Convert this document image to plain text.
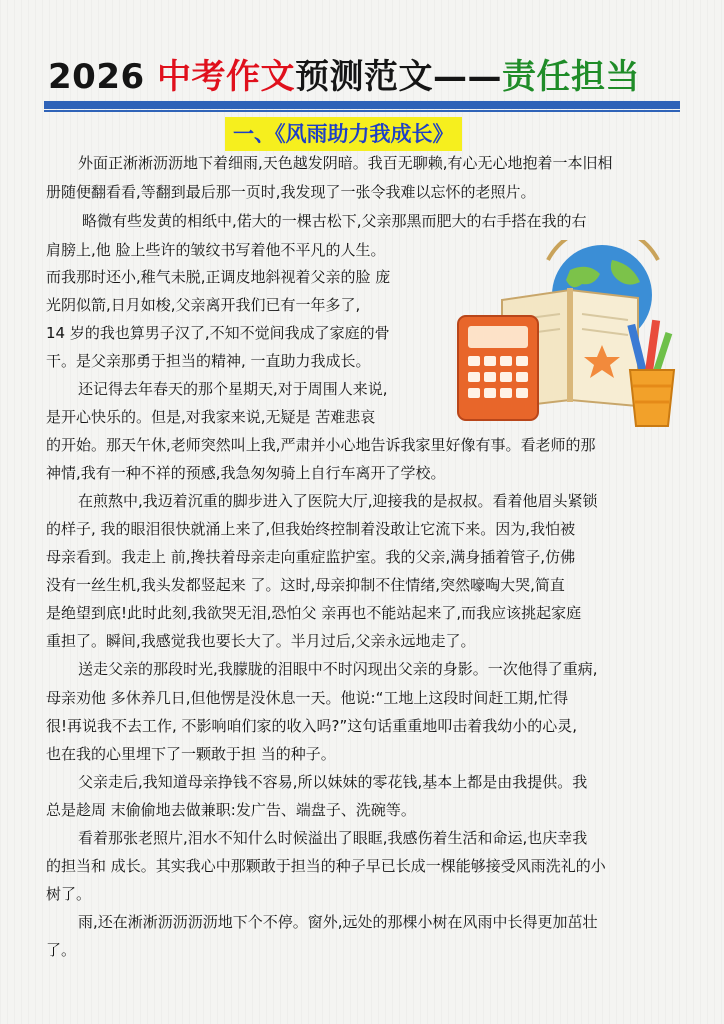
2026 中考作文预测范文——责任担当
一、《风雨助力我成长》
外面正淅淅沥沥地下着细雨,天色越发阴暗。我百无聊赖,有心无心地抱着一本旧相
册随便翻看看,等翻到最后那一页时,我发现了一张令我难以忘怀的老照片。
略微有些发黄的相纸中,偌大的一棵古松下,父亲那黑而肥大的右手搭在我的右
肩膀上,他 脸上些许的皱纹书写着他不平凡的人生。
而我那时还小,稚气未脱,正调皮地斜视着父亲的脸 庞
光阴似箭,日月如梭,父亲离开我们已有一年多了,
14 岁的我也算男子汉了,不知不觉间我成了家庭的骨
干。是父亲那勇于担当的精神, 一直助力我成长。
还记得去年春天的那个星期天,对于周围人来说,
是开心快乐的。但是,对我家来说,无疑是 苦难悲哀
的开始。那天午休,老师突然叫上我,严肃并小心地告诉我家里好像有事。看老师的那
神情,我有一种不祥的预感,我急匆匆骑上自行车离开了学校。
在煎熬中,我迈着沉重的脚步进入了医院大厅,迎接我的是叔叔。看着他眉头紧锁
的样子, 我的眼泪很快就涌上来了,但我始终控制着没敢让它流下来。因为,我怕被
母亲看到。我走上 前,搀扶着母亲走向重症监护室。我的父亲,满身插着管子,仿佛
没有一丝生机,我头发都竖起来 了。这时,母亲抑制不住情绪,突然嚎啕大哭,简直
是绝望到底!此时此刻,我欲哭无泪,恐怕父 亲再也不能站起来了,而我应该挑起家庭
重担了。瞬间,我感觉我也要长大了。半月过后,父亲永远地走了。
送走父亲的那段时光,我朦胧的泪眼中不时闪现出父亲的身影。一次他得了重病,
母亲劝他 多休养几日,但他愣是没休息一天。他说:“工地上这段时间赶工期,忙得
很!再说我不去工作, 不影响咱们家的收入吗?”这句话重重地叩击着我幼小的心灵,
也在我的心里埋下了一颗敢于担 当的种子。
父亲走后,我知道母亲挣钱不容易,所以妹妹的零花钱,基本上都是由我提供。我
总是趁周 末偷偷地去做兼职:发广告、端盘子、洗碗等。
看着那张老照片,泪水不知什么时候溢出了眼眶,我感伤着生活和命运,也庆幸我
的担当和 成长。其实我心中那颗敢于担当的种子早已长成一棵能够接受风雨洗礼的小
树了。
雨,还在淅淅沥沥沥沥地下个不停。窗外,远处的那棵小树在风雨中长得更加茁壮
了。
